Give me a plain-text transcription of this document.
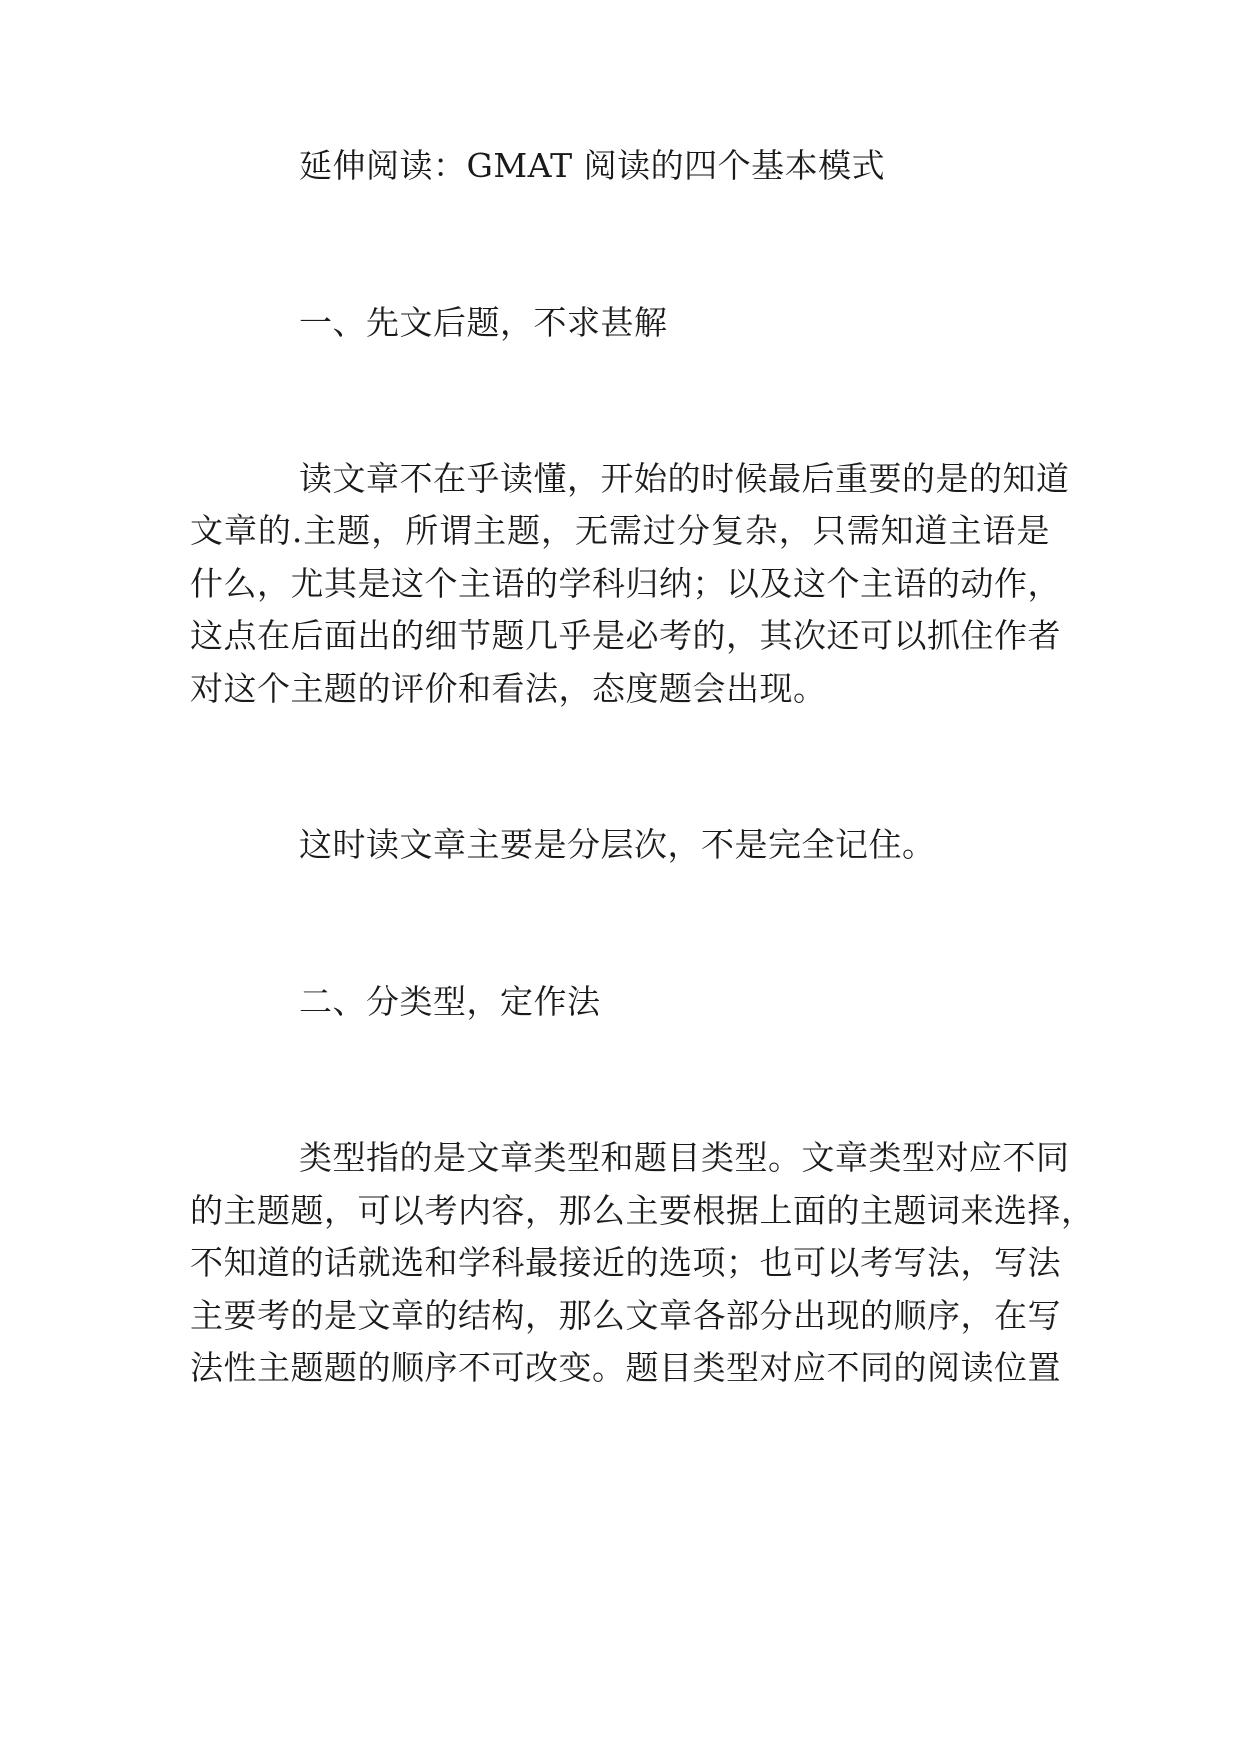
延伸阅读：GMAT 阅读的四个基本模式
一、先文后题，不求甚解
读文章不在乎读懂，开始的时候最后重要的是的知道
文章的.主题，所谓主题，无需过分复杂，只需知道主语是
什么，尤其是这个主语的学科归纳；以及这个主语的动作，
这点在后面出的细节题几乎是必考的，其次还可以抓住作者
对这个主题的评价和看法，态度题会出现。
这时读文章主要是分层次，不是完全记住。
二、分类型，定作法
类型指的是文章类型和题目类型。文章类型对应不同
的主题题，可以考内容，那么主要根据上面的主题词来选择，
不知道的话就选和学科最接近的选项；也可以考写法，写法
主要考的是文章的结构，那么文章各部分出现的顺序，在写
法性主题题的顺序不可改变。题目类型对应不同的阅读位置
